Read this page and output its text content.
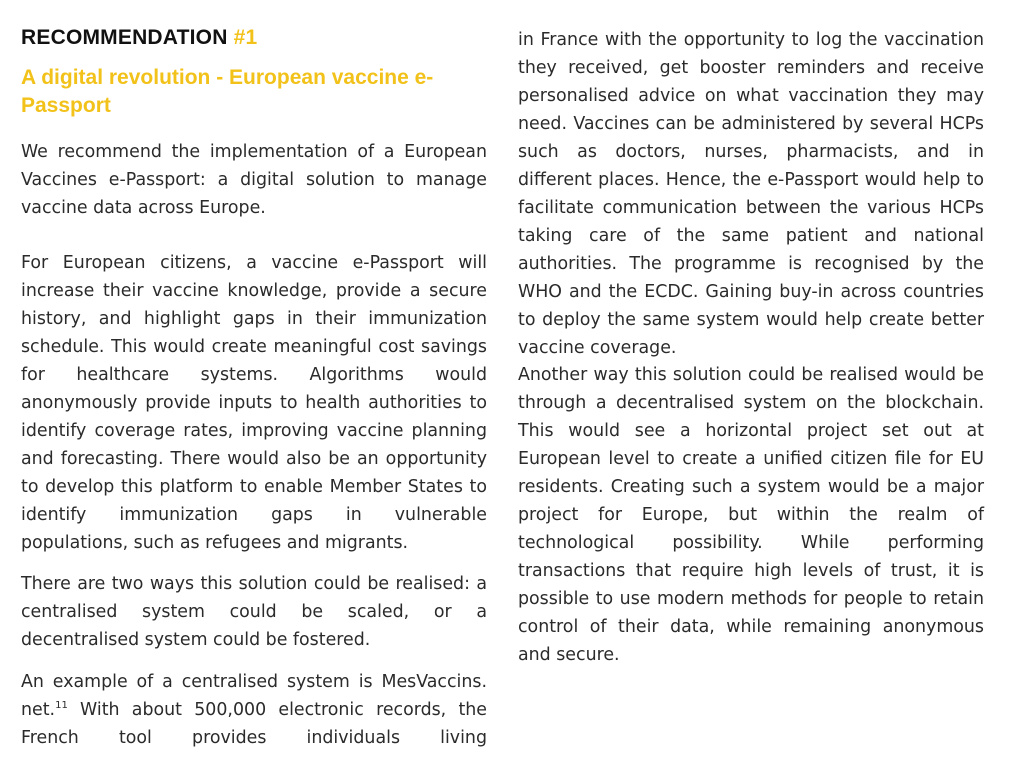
RECOMMENDATION #1
A digital revolution - European vaccine e-Passport

We recommend the implementation of a European Vaccines e-Passport: a digital solution to manage vaccine data across Europe.

For European citizens, a vaccine e-Passport will increase their vaccine knowledge, provide a secure history, and highlight gaps in their immunization schedule. This would create meaningful cost savings for healthcare systems. Algorithms would anonymously provide inputs to health authorities to identify coverage rates, improving vaccine planning and forecasting. There would also be an opportunity to develop this platform to enable Member States to identify immunization gaps in vulnerable populations, such as refugees and migrants.

There are two ways this solution could be realised: a centralised system could be scaled, or a decentralised system could be fostered.

An example of a centralised system is MesVaccins. net.$^{11}$ With about 500,000 electronic records, the French tool provides individuals living

in France with the opportunity to log the vaccination they received, get booster reminders and receive personalised advice on what vaccination they may need. Vaccines can be administered by several HCPs such as doctors, nurses, pharmacists, and in different places. Hence, the e-Passport would help to facilitate communication between the various HCPs taking care of the same patient and national authorities. The programme is recognised by the WHO and the ECDC. Gaining buy-in across countries to deploy the same system would help create better vaccine coverage.

Another way this solution could be realised would be through a decentralised system on the blockchain. This would see a horizontal project set out at European level to create a unified citizen file for EU residents. Creating such a system would be a major project for Europe, but within the realm of technological possibility. While performing transactions that require high levels of trust, it is possible to use modern methods for people to retain control of their data, while remaining anonymous and secure.
